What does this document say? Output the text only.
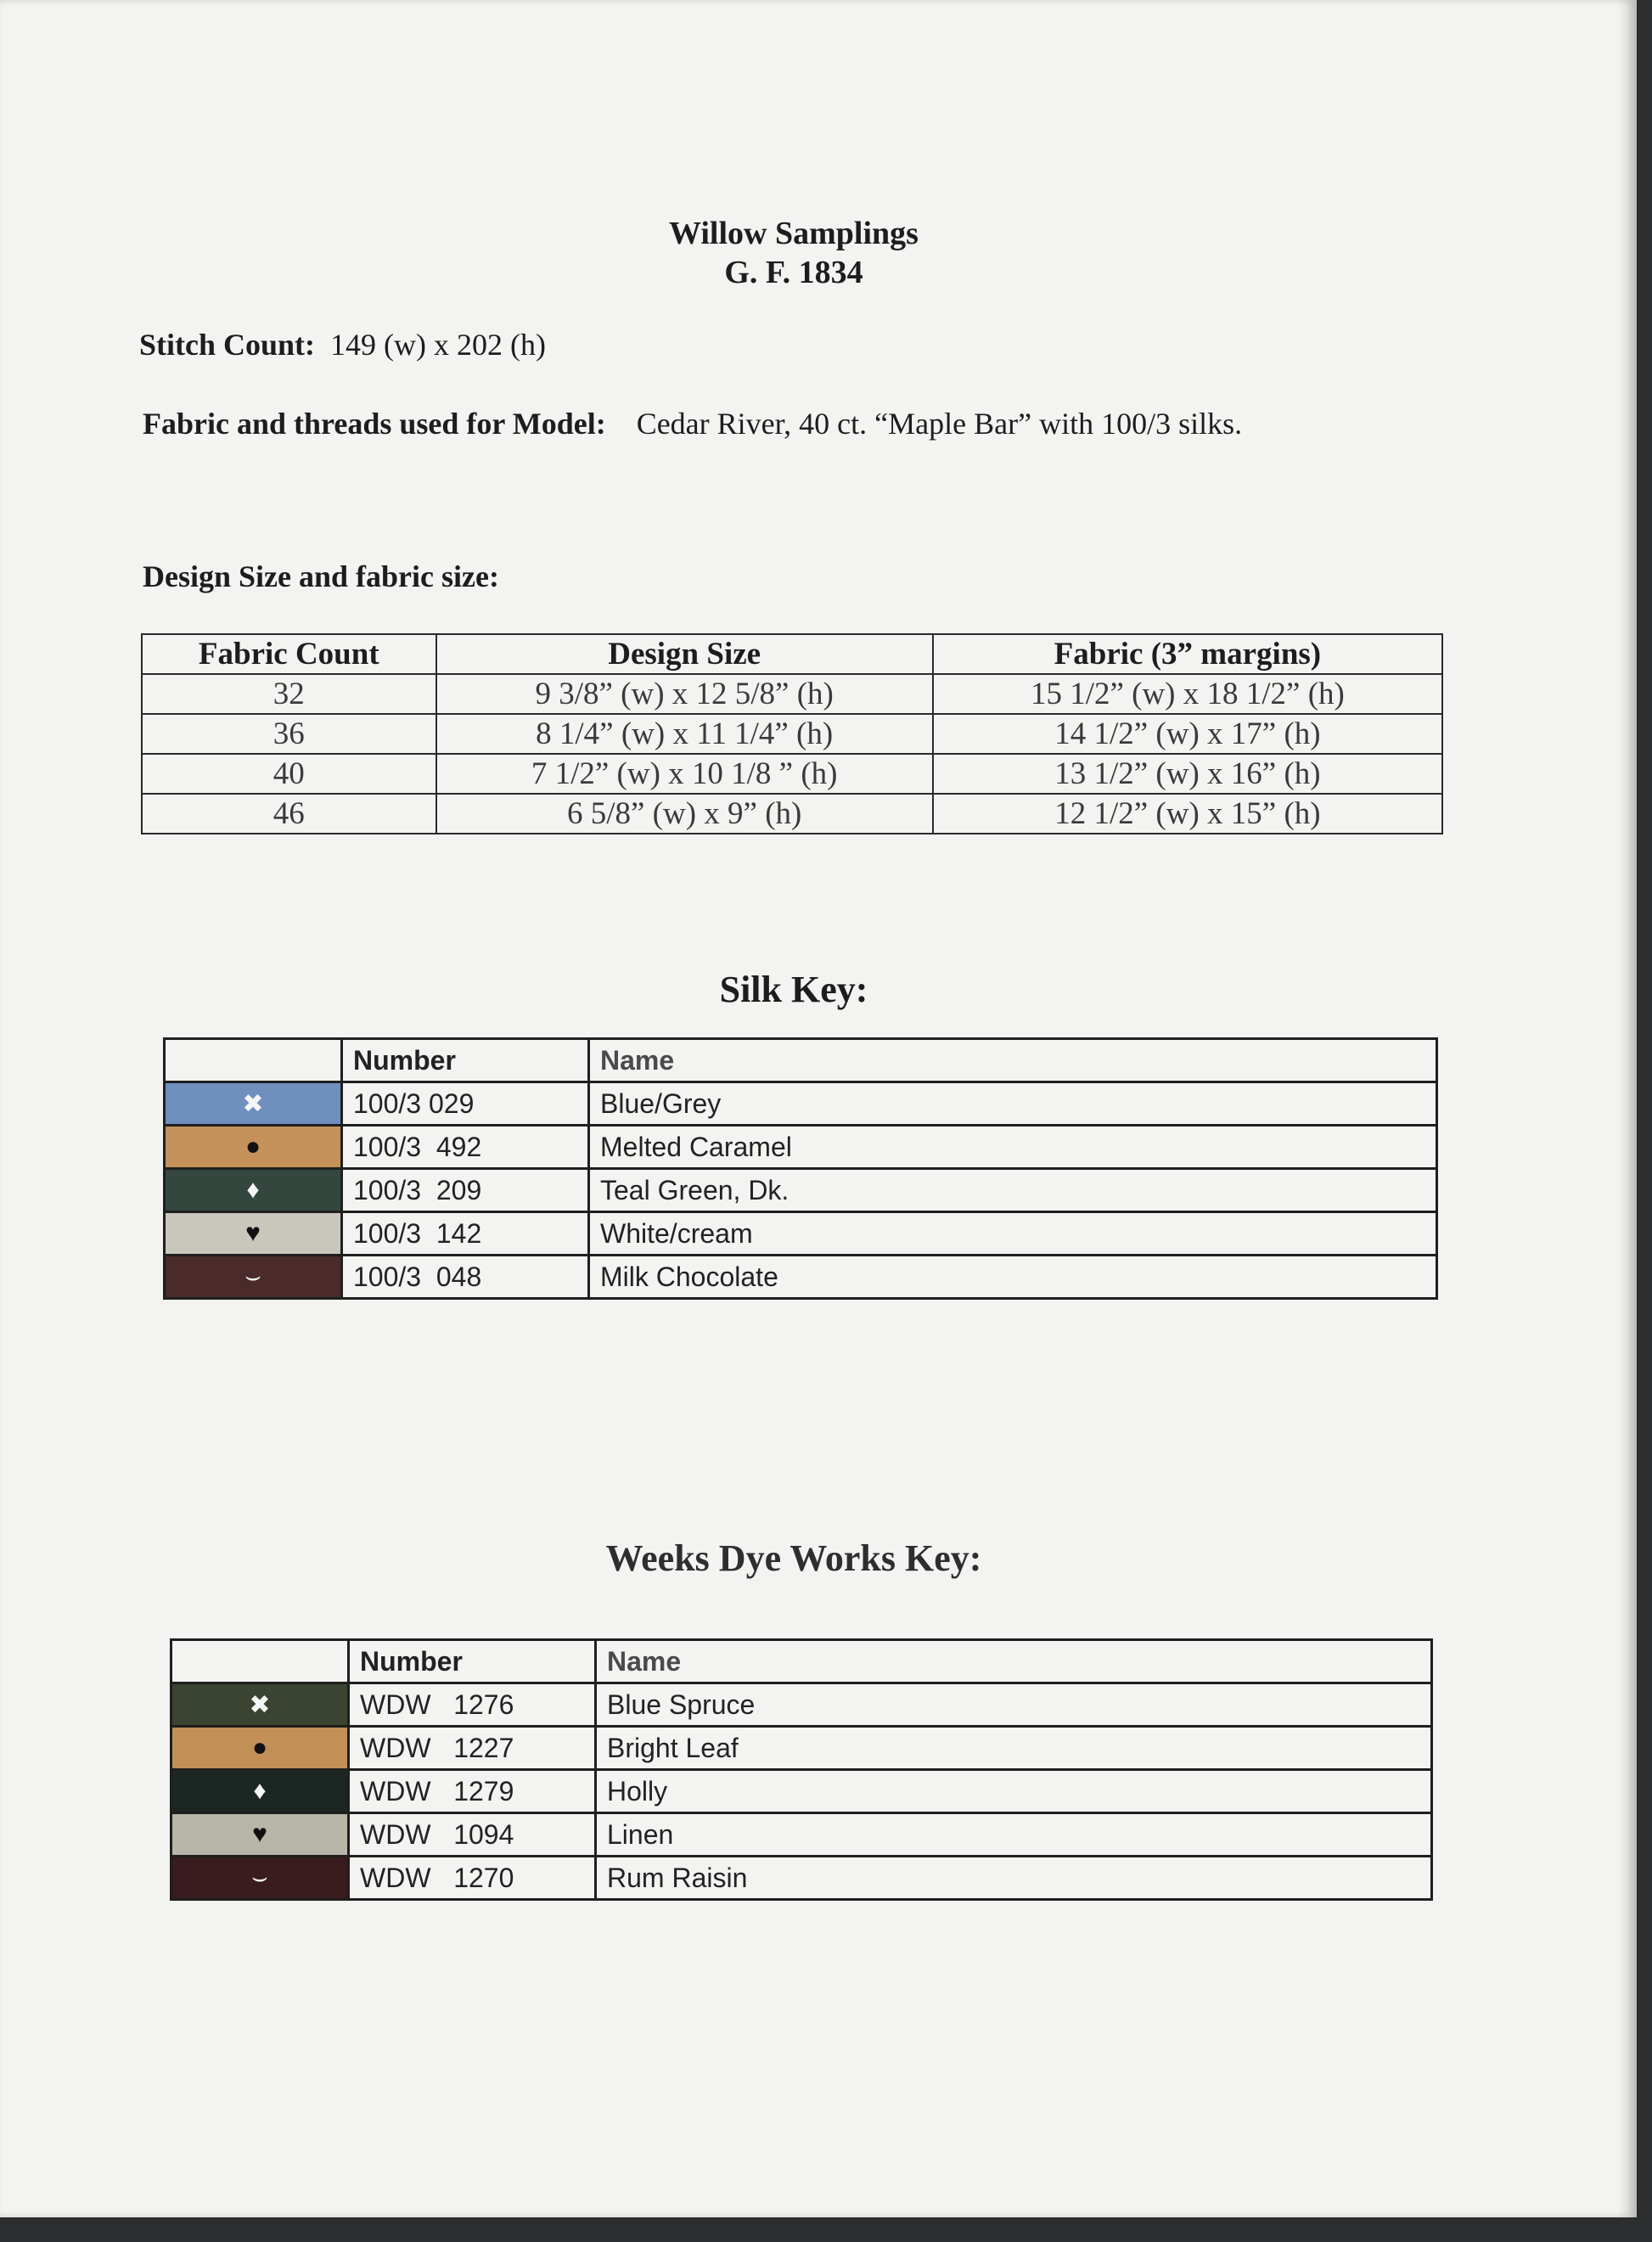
Willow Samplings
G. F. 1834
Stitch Count: 149 (w) x 202 (h)
Fabric and threads used for Model: Cedar River, 40 ct. “Maple Bar” with 100/3 silks.
Design Size and fabric size:
Fabric Count	Design Size	Fabric (3” margins)
32	9 3/8” (w) x 12 5/8” (h)	15 1/2” (w) x 18 1/2” (h)
36	8 1/4” (w) x 11 1/4” (h)	14 1/2” (w) x 17” (h)
40	7 1/2” (w) x 10 1/8 ” (h)	13 1/2” (w) x 16” (h)
46	6 5/8” (w) x 9” (h)	12 1/2” (w) x 15” (h)
Silk Key:
	Number	Name
✖	100/3 029	Blue/Grey
●	100/3  492	Melted Caramel
♦	100/3  209	Teal Green, Dk.
♥	100/3  142	White/cream
⌣	100/3  048	Milk Chocolate
Weeks Dye Works Key:
	Number	Name
✖	WDW   1276	Blue Spruce
●	WDW   1227	Bright Leaf
♦	WDW   1279	Holly
♥	WDW   1094	Linen
⌣	WDW   1270	Rum Raisin
